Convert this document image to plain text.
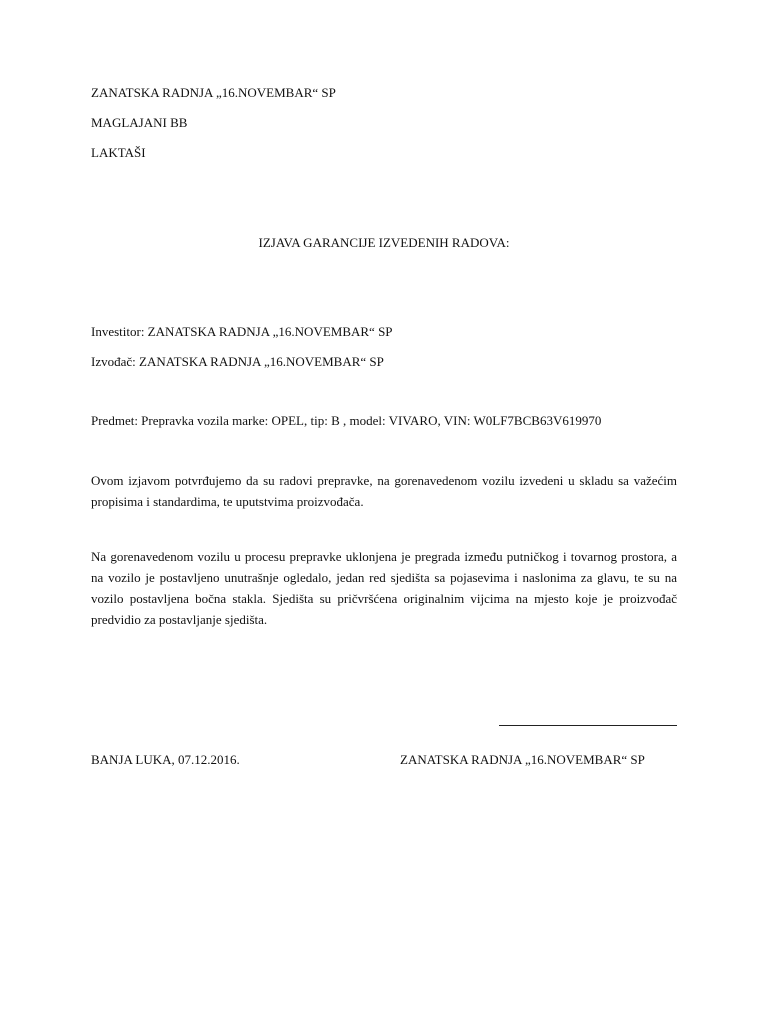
ZANATSKA RADNJA „16.NOVEMBAR“ SP
MAGLAJANI BB
LAKTAŠI
IZJAVA GARANCIJE IZVEDENIH RADOVA:
Investitor: ZANATSKA RADNJA „16.NOVEMBAR“ SP
Izvođač: ZANATSKA RADNJA „16.NOVEMBAR“ SP
Predmet: Prepravka vozila marke: OPEL, tip: B , model: VIVARO, VIN: W0LF7BCB63V619970
Ovom izjavom potvrđujemo da su radovi prepravke, na gorenavedenom vozilu izvedeni u skladu sa važećim propisima i standardima, te uputstvima proizvođača.
Na gorenavedenom vozilu u procesu prepravke uklonjena je pregrada između putničkog i tovarnog prostora, a na vozilo je postavljeno unutrašnje ogledalo, jedan red sjedišta sa pojasevima i naslonima za glavu, te su na vozilo postavljena bočna stakla. Sjedišta su pričvršćena originalnim vijcima na mjesto koje je proizvođač predvidio za postavljanje sjedišta.
BANJA LUKA, 07.12.2016.	ZANATSKA RADNJA „16.NOVEMBAR“ SP
